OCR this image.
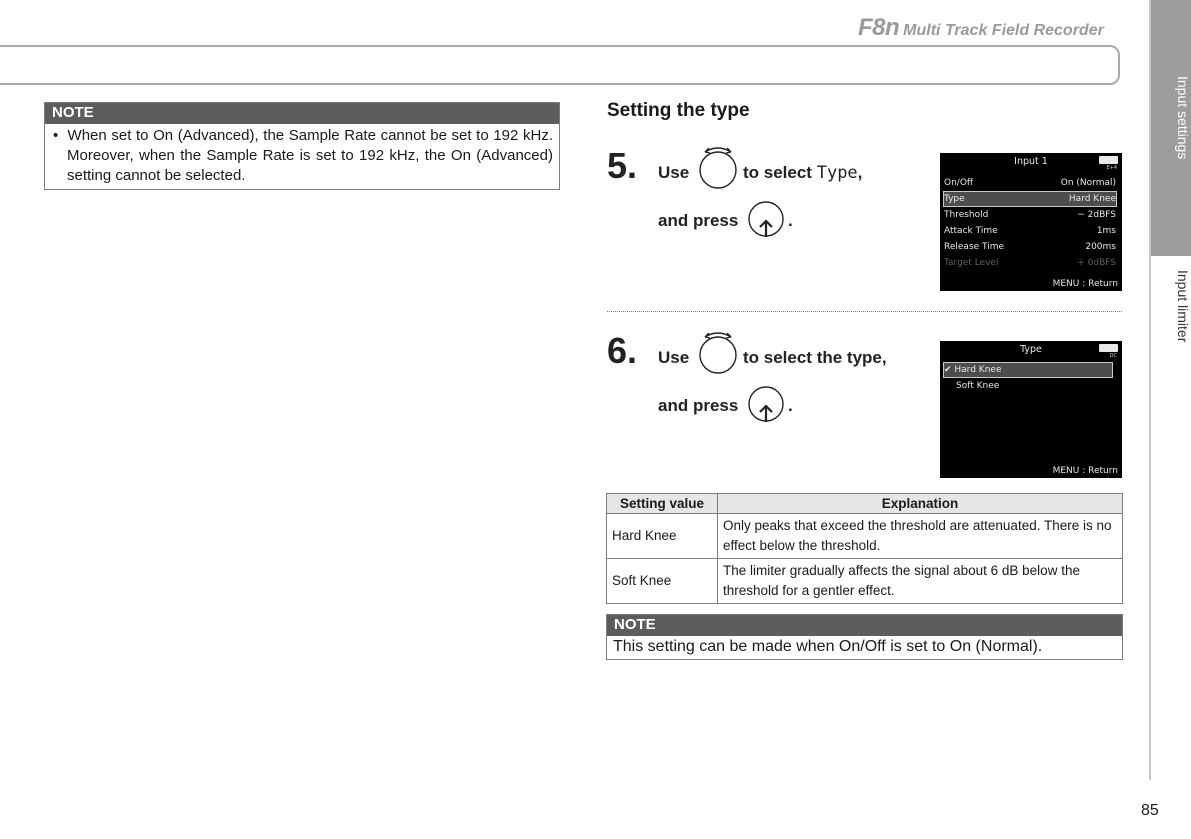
F8n Multi Track Field Recorder
Input settings
Input limiter
NOTE
• When set to On (Advanced), the Sample Rate cannot be set to 192 kHz. Moreover, when the Sample Rate is set to 192 kHz, the On (Advanced) setting cannot be selected.
Setting the type
5. Use	to select Type,
and press	.
Input 1
E+4
On/Off	On (Normal)
Type	Hard Knee
Threshold	− 2dBFS
Attack Time	1ms
Release Time	200ms
Target Level	+ 0dBFS
MENU : Return
6. Use	to select the type,
and press	.
Type
DC
✔ Hard Knee
Soft Knee
MENU : Return
Setting value	Explanation
Hard Knee	Only peaks that exceed the threshold are attenuated. There is no effect below the threshold.
Soft Knee	The limiter gradually affects the signal about 6 dB below the threshold for a gentler effect.
NOTE
This setting can be made when On/Off is set to On (Normal).
85
